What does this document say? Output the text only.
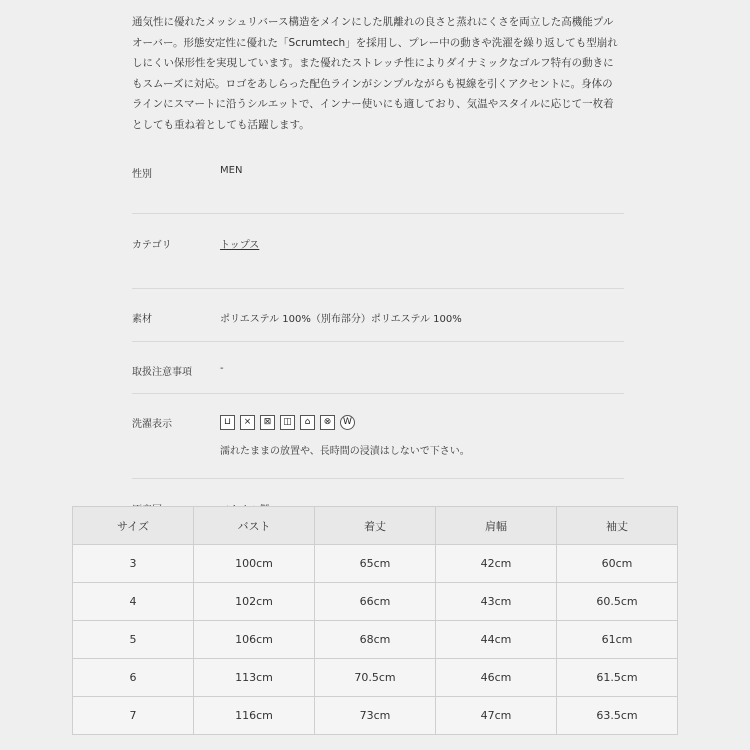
通気性に優れたメッシュリバース構造をメインにした肌離れの良さと蒸れにくさを両立した高機能プルオーバー。形態安定性に優れた「Scrumtech」を採用し、プレー中の動きや洗濯を繰り返しても型崩れしにくい保形性を実現しています。また優れたストレッチ性によりダイナミックなゴルフ特有の動きにもスムーズに対応。ロゴをあしらった配色ラインがシンプルながらも視線を引くアクセントに。身体のラインにスマートに沿うシルエットで、インナー使いにも適しており、気温やスタイルに応じて一枚着としても重ね着としても活躍します。

性別	MEN
カテゴリ	トップス
素材	ポリエステル 100%（別布部分）ポリエステル 100%
取扱注意事項	-
洗濯表示	⊔	⨯	⊠	◫	⌂	⊗	W
濡れたままの放置や、長時間の浸漬はしないで下さい。
サイズ	バスト	着丈	肩幅	袖丈
3	100cm	65cm	42cm	60cm
4	102cm	66cm	43cm	60.5cm
5	106cm	68cm	44cm	61cm
6	113cm	70.5cm	46cm	61.5cm
7	116cm	73cm	47cm	63.5cm
